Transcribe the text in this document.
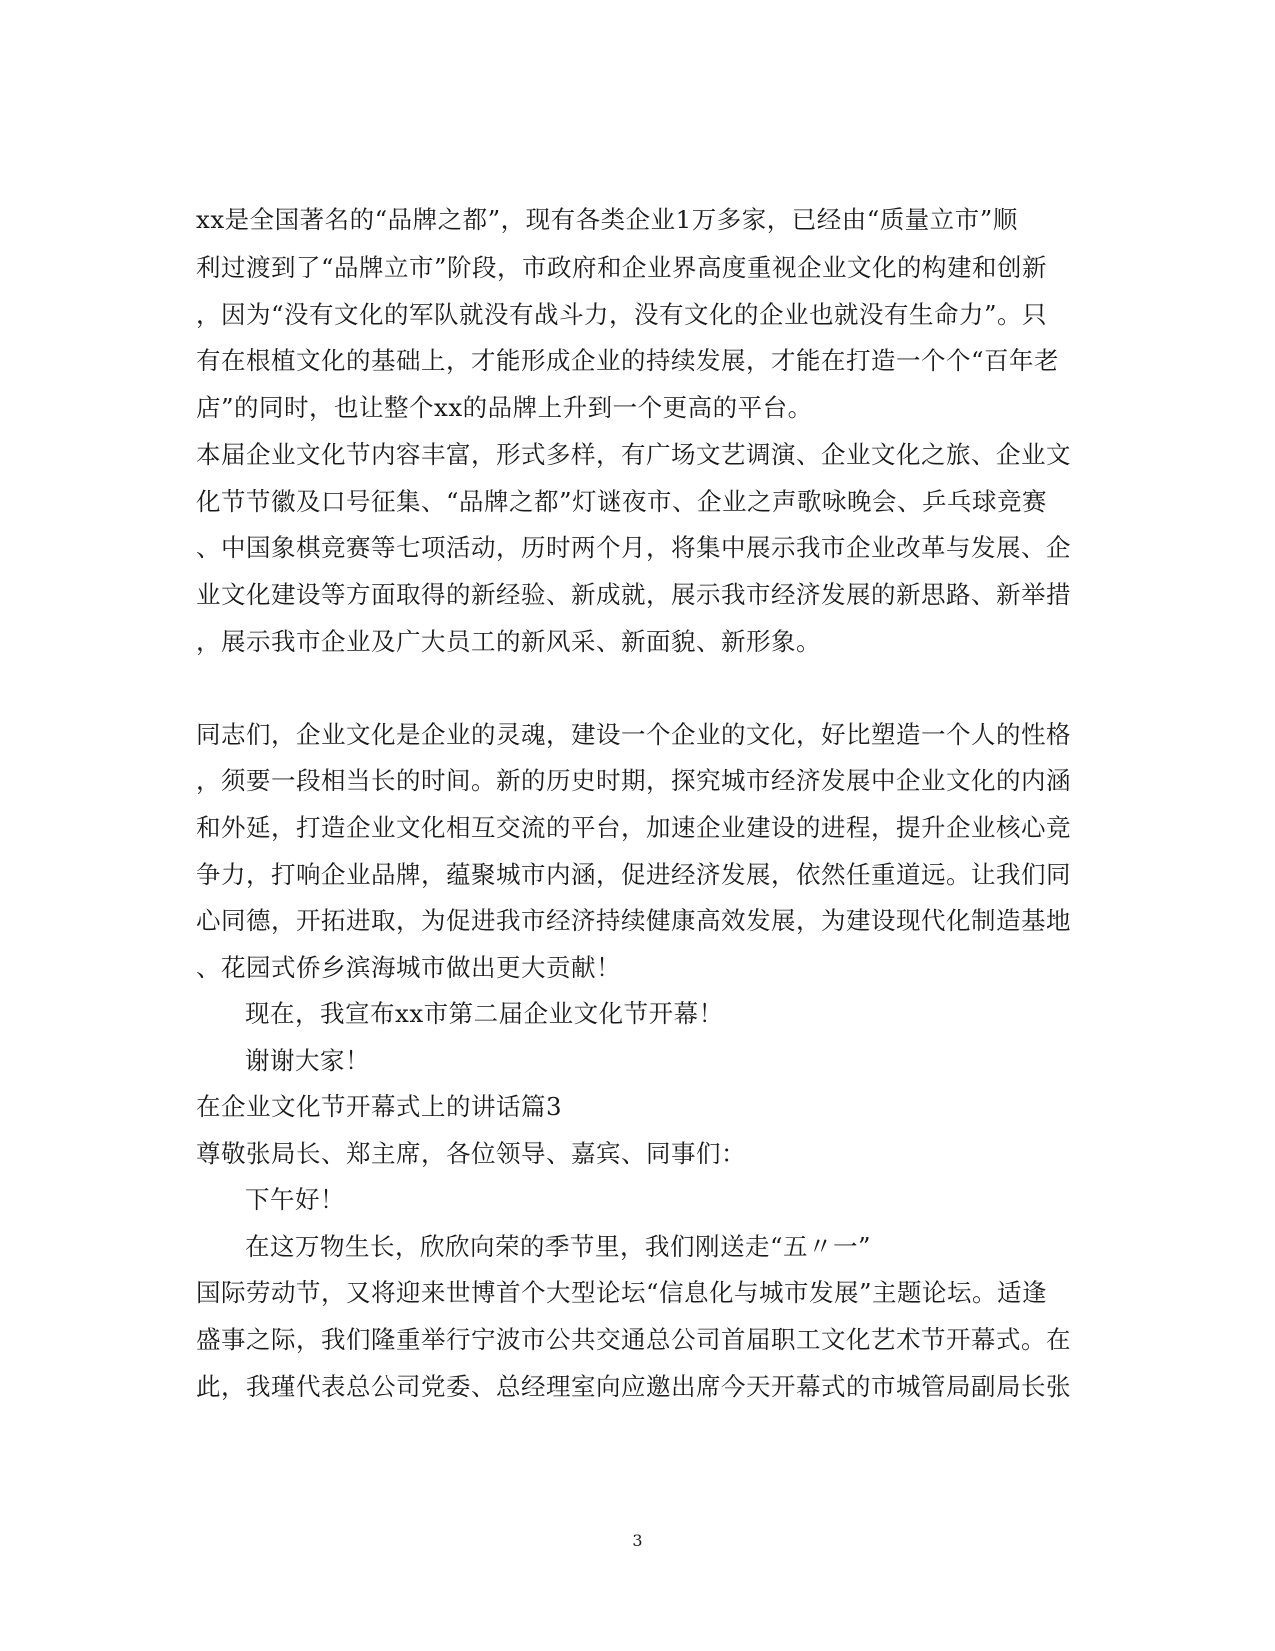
xx是全国著名的“品牌之都”，现有各类企业1万多家，已经由“质量立市”顺
利过渡到了“品牌立市”阶段，市政府和企业界高度重视企业文化的构建和创新
，因为“没有文化的军队就没有战斗力，没有文化的企业也就没有生命力”。只
有在根植文化的基础上，才能形成企业的持续发展，才能在打造一个个“百年老
店”的同时，也让整个xx的品牌上升到一个更高的平台。
本届企业文化节内容丰富，形式多样，有广场文艺调演、企业文化之旅、企业文
化节节徽及口号征集、“品牌之都”灯谜夜市、企业之声歌咏晚会、乒乓球竞赛
、中国象棋竞赛等七项活动，历时两个月，将集中展示我市企业改革与发展、企
业文化建设等方面取得的新经验、新成就，展示我市经济发展的新思路、新举措
，展示我市企业及广大员工的新风采、新面貌、新形象。
同志们，企业文化是企业的灵魂，建设一个企业的文化，好比塑造一个人的性格
，须要一段相当长的时间。新的历史时期，探究城市经济发展中企业文化的内涵
和外延，打造企业文化相互交流的平台，加速企业建设的进程，提升企业核心竞
争力，打响企业品牌，蕴聚城市内涵，促进经济发展，依然任重道远。让我们同
心同德，开拓进取，为促进我市经济持续健康高效发展，为建设现代化制造基地
、花园式侨乡滨海城市做出更大贡献！
现在，我宣布xx市第二届企业文化节开幕！
谢谢大家！
在企业文化节开幕式上的讲话篇3
尊敬张局长、郑主席，各位领导、嘉宾、同事们：
下午好！
在这万物生长，欣欣向荣的季节里，我们刚送走“五〃一”
国际劳动节，又将迎来世博首个大型论坛“信息化与城市发展”主题论坛。适逢
盛事之际，我们隆重举行宁波市公共交通总公司首届职工文化艺术节开幕式。在
此，我瑾代表总公司党委、总经理室向应邀出席今天开幕式的市城管局副局长张
3
